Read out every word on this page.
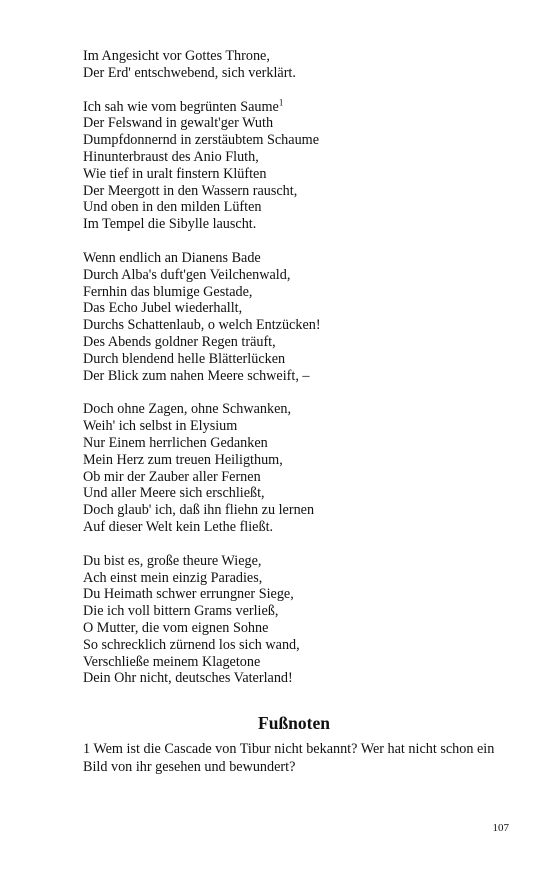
Im Angesicht vor Gottes Throne,
Der Erd' entschwebend, sich verklärt.
Ich sah wie vom begrünten Saume$^1$
Der Felswand in gewalt'ger Wuth
Dumpfdonnernd in zerstäubtem Schaume
Hinunterbraust des Anio Fluth,
Wie tief in uralt finstern Klüften
Der Meergott in den Wassern rauscht,
Und oben in den milden Lüften
Im Tempel die Sibylle lauscht.
Wenn endlich an Dianens Bade
Durch Alba's duft'gen Veilchenwald,
Fernhin das blumige Gestade,
Das Echo Jubel wiederhallt,
Durchs Schattenlaub, o welch Entzücken!
Des Abends goldner Regen träuft,
Durch blendend helle Blätterlücken
Der Blick zum nahen Meere schweift, –
Doch ohne Zagen, ohne Schwanken,
Weih' ich selbst in Elysium
Nur Einem herrlichen Gedanken
Mein Herz zum treuen Heiligthum,
Ob mir der Zauber aller Fernen
Und aller Meere sich erschließt,
Doch glaub' ich, daß ihn fliehn zu lernen
Auf dieser Welt kein Lethe fließt.
Du bist es, große theure Wiege,
Ach einst mein einzig Paradies,
Du Heimath schwer errungner Siege,
Die ich voll bittern Grams verließ,
O Mutter, die vom eignen Sohne
So schrecklich zürnend los sich wand,
Verschließe meinem Klagetone
Dein Ohr nicht, deutsches Vaterland!
Fußnoten
1 Wem ist die Cascade von Tibur nicht bekannt? Wer hat nicht schon ein Bild von ihr gesehen und bewundert?
107
